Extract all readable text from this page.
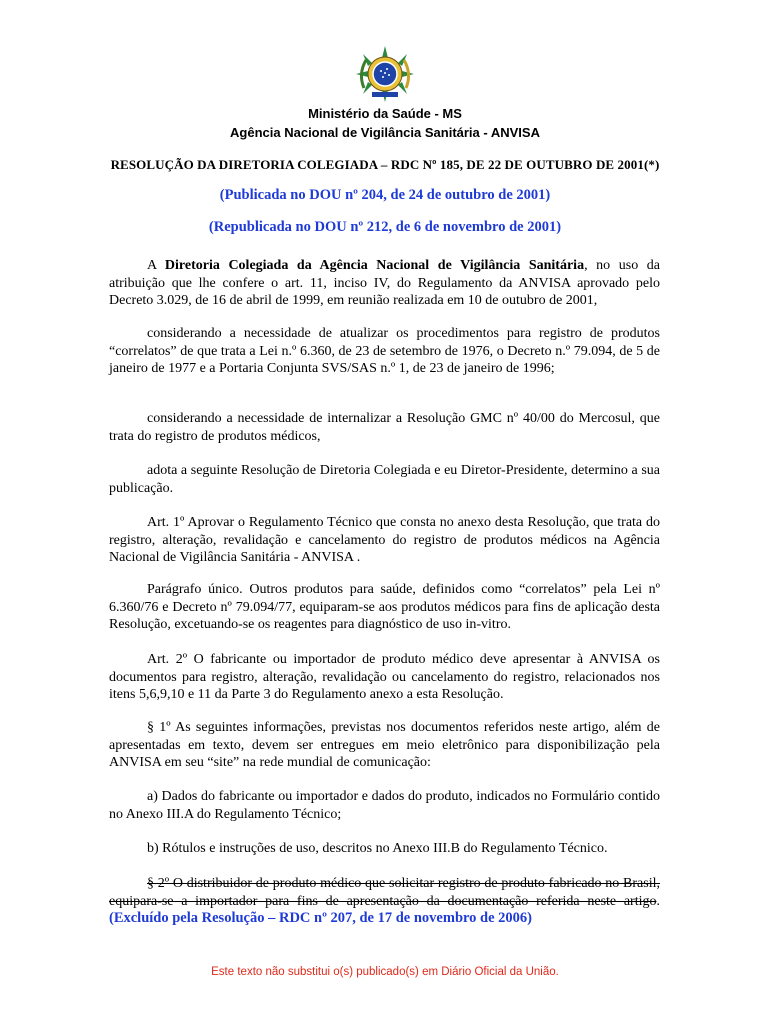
Ministério da Saúde - MS
Agência Nacional de Vigilância Sanitária - ANVISA
RESOLUÇÃO DA DIRETORIA COLEGIADA – RDC Nº 185, DE 22 DE OUTUBRO DE 2001(*)
(Publicada no DOU nº 204, de 24 de outubro de 2001)
(Republicada no DOU nº 212, de 6 de novembro de 2001)
A Diretoria Colegiada da Agência Nacional de Vigilância Sanitária, no uso da atribuição que lhe confere o art. 11, inciso IV, do Regulamento da ANVISA aprovado pelo Decreto 3.029, de 16 de abril de 1999, em reunião realizada em 10 de outubro de 2001,
considerando a necessidade de atualizar os procedimentos para registro de produtos “correlatos” de que trata a Lei n.º 6.360, de 23 de setembro de 1976, o Decreto n.º 79.094, de 5 de janeiro de 1977 e a Portaria Conjunta SVS/SAS n.º 1, de 23 de janeiro de 1996;
considerando a necessidade de internalizar a Resolução GMC nº 40/00 do Mercosul, que trata do registro de produtos médicos,
adota a seguinte Resolução de Diretoria Colegiada e eu Diretor-Presidente, determino a sua publicação.
Art. 1º Aprovar o Regulamento Técnico que consta no anexo desta Resolução, que trata do registro, alteração, revalidação e cancelamento do registro de produtos médicos na Agência Nacional de Vigilância Sanitária - ANVISA .
Parágrafo único. Outros produtos para saúde, definidos como “correlatos” pela Lei nº 6.360/76 e Decreto nº 79.094/77, equiparam-se aos produtos médicos para fins de aplicação desta Resolução, excetuando-se os reagentes para diagnóstico de uso in-vitro.
Art. 2º O fabricante ou importador de produto médico deve apresentar à ANVISA os documentos para registro, alteração, revalidação ou cancelamento do registro, relacionados nos itens 5,6,9,10 e 11 da Parte 3 do Regulamento anexo a esta Resolução.
§ 1º As seguintes informações, previstas nos documentos referidos neste artigo, além de apresentadas em texto, devem ser entregues em meio eletrônico para disponibilização pela ANVISA em seu “site” na rede mundial de comunicação:
a) Dados do fabricante ou importador e dados do produto, indicados no Formulário contido no Anexo III.A do Regulamento Técnico;
b) Rótulos e instruções de uso, descritos no Anexo III.B do Regulamento Técnico.
§ 2º O distribuidor de produto médico que solicitar registro de produto fabricado no Brasil, equipara-se a importador para fins de apresentação da documentação referida neste artigo. (Excluído pela Resolução – RDC nº 207, de 17 de novembro de 2006)
Este texto não substitui o(s) publicado(s) em Diário Oficial da União.
